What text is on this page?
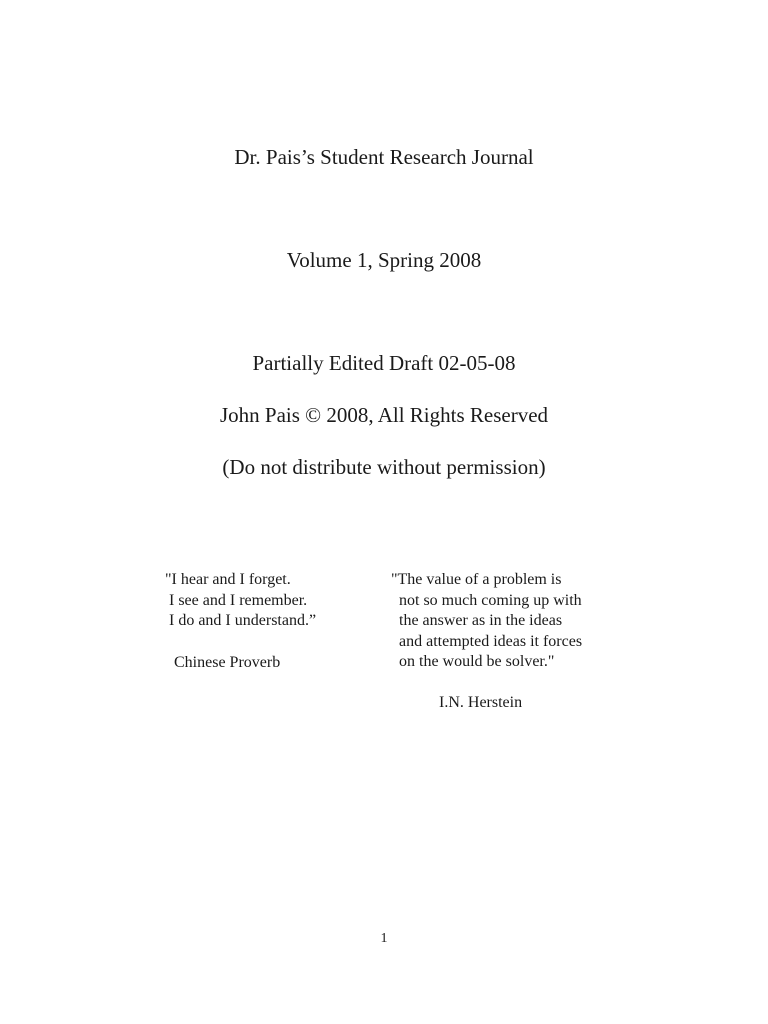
Dr. Pais’s Student Research Journal
Volume 1, Spring 2008
Partially Edited Draft 02-05-08
John Pais © 2008, All Rights Reserved
(Do not distribute without permission)
"I hear and I forget.
I see and I remember.
I do and I understand.”
Chinese Proverb
"The value of a problem is
not so much coming up with
the answer as in the ideas
and attempted ideas it forces
on the would be solver."
I.N. Herstein
1
